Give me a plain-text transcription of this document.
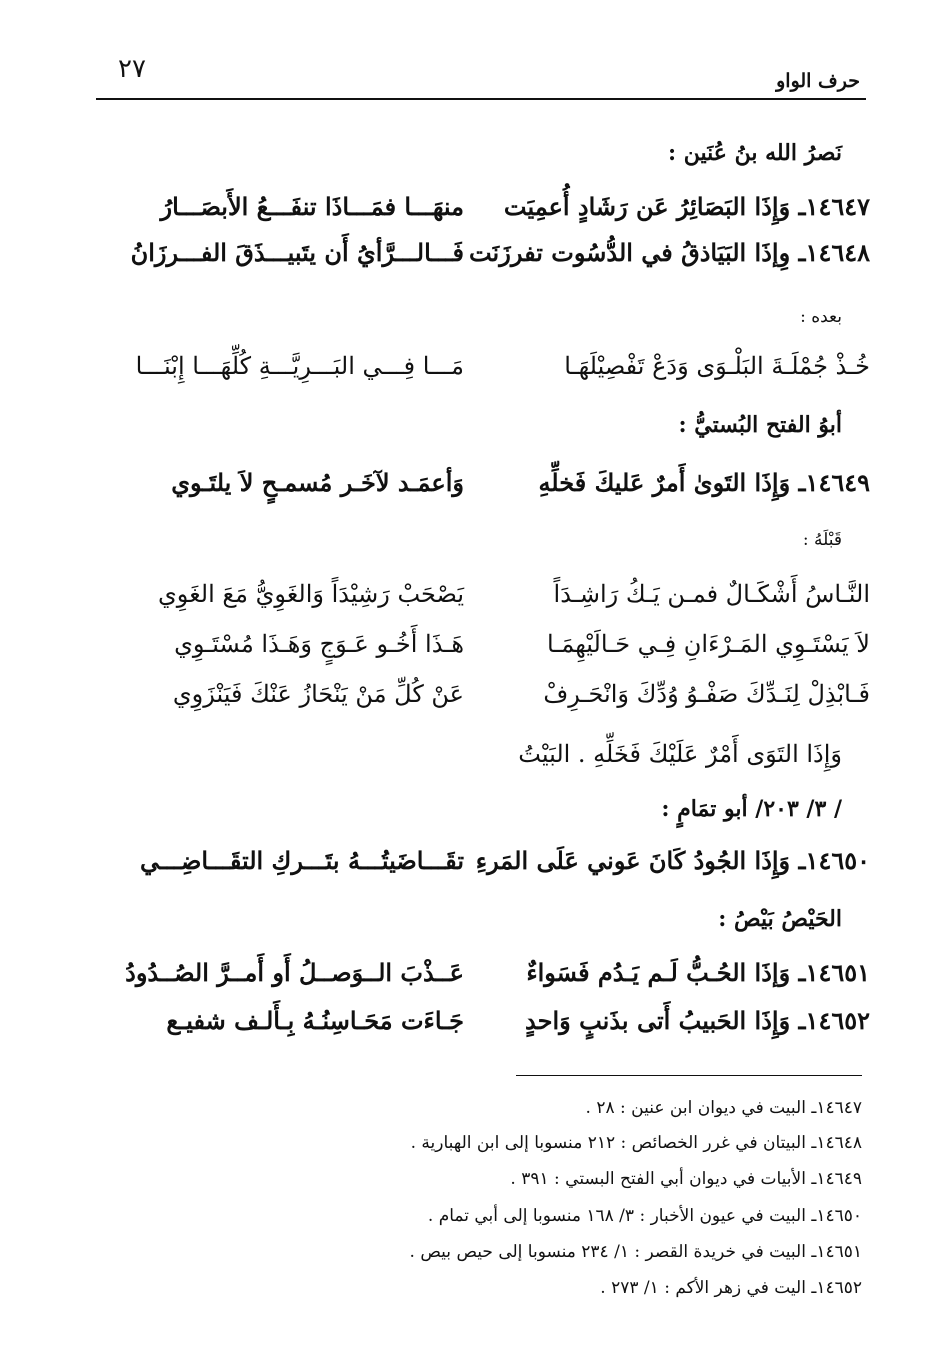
حرف الواو
٢٧
نَصرُ الله بنُ عُنَين :
١٤٦٤٧ـ وَإِذَا البَصَائِرُ عَن رَشَادٍ أُعمِيَت
منهَـــا فمَـــاذَا تنفَـــعُ الأَبصَـــارُ
١٤٦٤٨ـ وِإذَا البَيَاذقُ في الدُّسُوت تفرزَنَت
فَـــالـــرَّأيُ أَن يتَبيـــذَقَ الفـــرزَانُ
بعده :
خُـذْ جُمْلَـةَ البَلْـوَى وَدَعْ تَفْصِيْلَهَـا
مَـــا فِـــي البَـــرِيَّـــةِ كُلِّهَـــا إِبْنَـــا
أبوُ الفتح البُستيُّ :
١٤٦٤٩ـ وَإِذَا التَوىٰ أَمرٌ عَليكَ فَخلِّهِ
وَأعمَـد لآخَـر مُسمـحٍ لاَ يلتَـوي
قَبْلَهُ :
النَّـاسُ أَشْكَـالٌ فمـن يَـكُ رَاشِـدَاً
يَصْحَبْ رَشِيْدَاً وَالغَوِيُّ مَعَ الغَوِي
لاَ يَسْتَـوِي المَـرْءَانِ فِـي حَـالَيْهِمَـا
هَـذَا أَخُـو عَـوَجٍ وَهَـذَا مُسْتَـوِي
فَـابْذِلْ لِنَـدِّكَ صَفْـوُ وُدِّكَ وَانْحَـرِفْ
عَنْ كُلِّ مَنْ يَنْحَازُ عَنْكَ فَيَنْزَوِي
وَإِذَا التَوَى أَمْرٌ عَلَيْكَ فَخَلِّهِ . البَيْتُ
/ ٣/ ٢٠٣/ أبو تمَامٍ :
١٤٦٥٠ـ وَإِذَا الجُودُ كَانَ عَوني عَلَى المَرءِ
تقَـــاضَيتُـــهُ بتَـــركِ التقَـــاضِـــي
الحَيْصُ بَيْصُ :
١٤٦٥١ـ وَإذَا الحُـبُّ لَـم يَـدُم فَسَواءٌ
عَــذْبَ الــوَصــلُ أَو أَمــرَّ الصُــدُودُ
١٤٦٥٢ـ وَإِذَا الحَبيبُ أَتى بذَنبٍ وَاحدٍ
جَـاءَت مَحَـاسِنُـهُ بِـأَلـف شفيـع
١٤٦٤٧ـ البيت في ديوان ابن عنين : ٢٨ .
١٤٦٤٨ـ البيتان في غرر الخصائص : ٢١٢ منسوبا إلى ابن الهبارية .
١٤٦٤٩ـ الأبيات في ديوان أبي الفتح البستي : ٣٩١ .
١٤٦٥٠ـ البيت في عيون الأخبار : ٣/ ١٦٨ منسوبا إلى أبي تمام .
١٤٦٥١ـ البيت في خريدة القصر : ١/ ٢٣٤ منسوبا إلى حيص بيص .
١٤٦٥٢ـ اليت في زهر الأكم : ١/ ٢٧٣ .
